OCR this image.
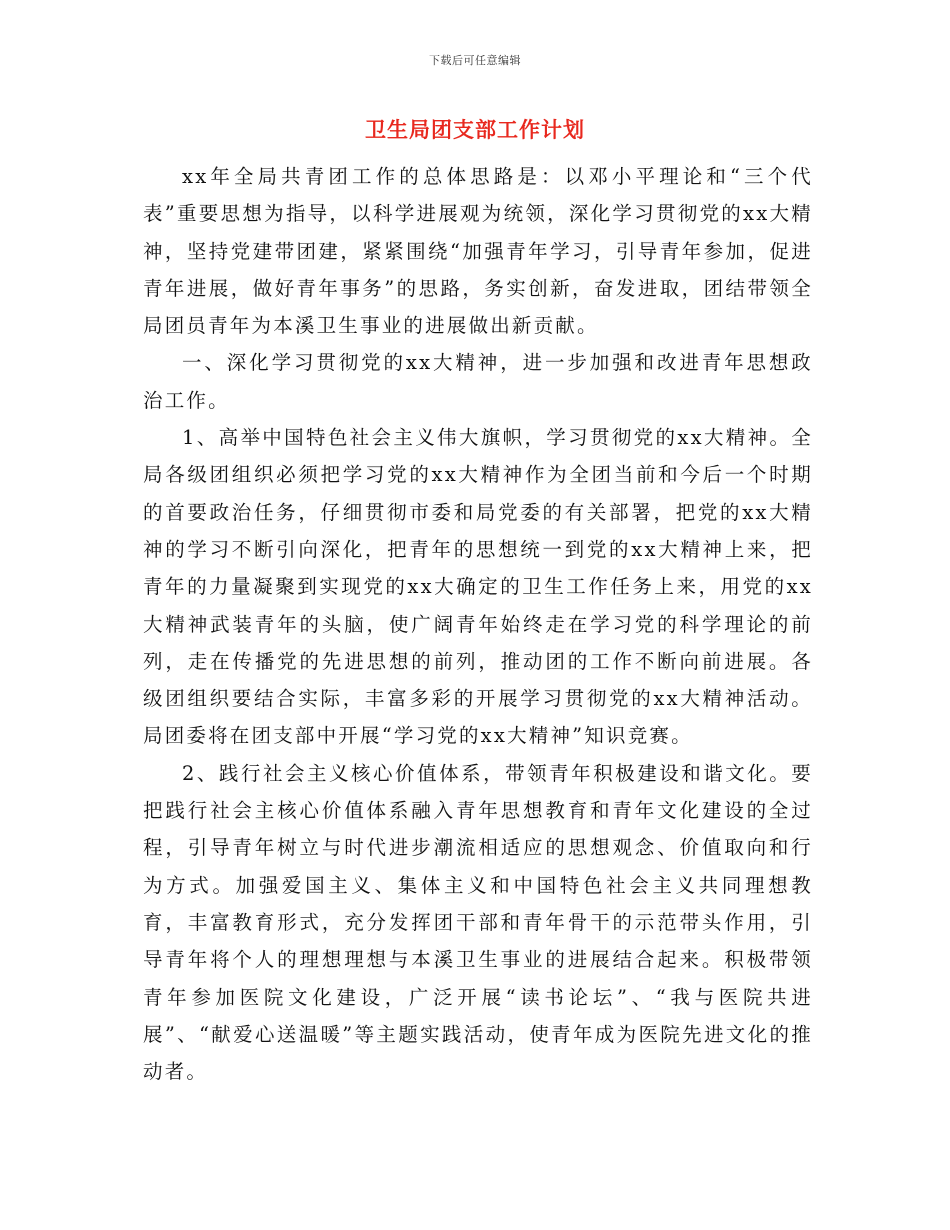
下载后可任意编辑
卫生局团支部工作计划

xx年全局共青团工作的总体思路是：以邓小平理论和“三个代表”重要思想为指导，以科学进展观为统领，深化学习贯彻党的xx大精神，坚持党建带团建，紧紧围绕“加强青年学习，引导青年参加，促进青年进展，做好青年事务”的思路，务实创新，奋发进取，团结带领全局团员青年为本溪卫生事业的进展做出新贡献。

一、深化学习贯彻党的xx大精神，进一步加强和改进青年思想政治工作。

1、高举中国特色社会主义伟大旗帜，学习贯彻党的xx大精神。全局各级团组织必须把学习党的xx大精神作为全团当前和今后一个时期的首要政治任务，仔细贯彻市委和局党委的有关部署，把党的xx大精神的学习不断引向深化，把青年的思想统一到党的xx大精神上来，把青年的力量凝聚到实现党的xx大确定的卫生工作任务上来，用党的xx大精神武装青年的头脑，使广阔青年始终走在学习党的科学理论的前列，走在传播党的先进思想的前列，推动团的工作不断向前进展。各级团组织要结合实际，丰富多彩的开展学习贯彻党的xx大精神活动。局团委将在团支部中开展“学习党的xx大精神”知识竞赛。

2、践行社会主义核心价值体系，带领青年积极建设和谐文化。要把践行社会主核心价值体系融入青年思想教育和青年文化建设的全过程，引导青年树立与时代进步潮流相适应的思想观念、价值取向和行为方式。加强爱国主义、集体主义和中国特色社会主义共同理想教育，丰富教育形式，充分发挥团干部和青年骨干的示范带头作用，引导青年将个人的理想理想与本溪卫生事业的进展结合起来。积极带领青年参加医院文化建设，广泛开展“读书论坛”、“我与医院共进展”、“献爱心送温暖”等主题实践活动，使青年成为医院先进文化的推动者。
